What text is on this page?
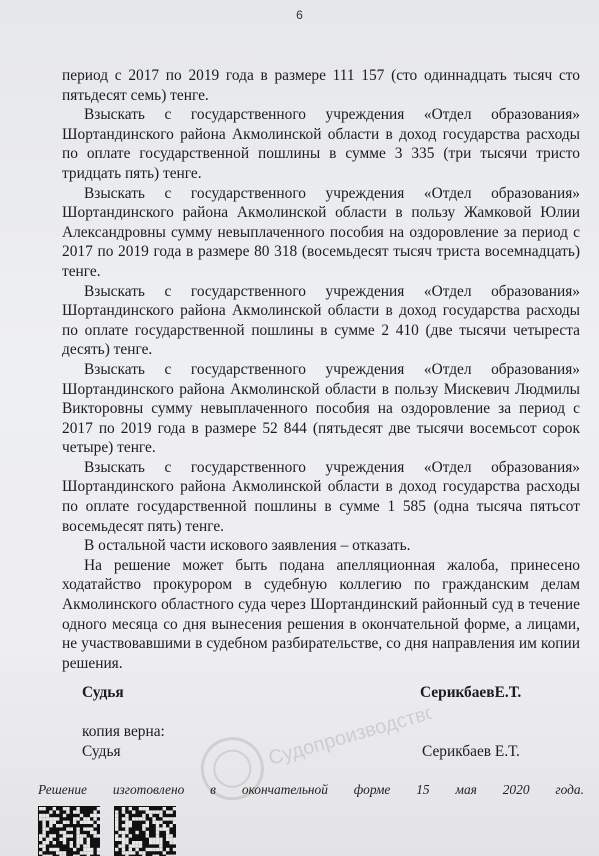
6

период с 2017 по 2019 года в размере 111 157 (сто одиннадцать тысяч сто пятьдесят семь) тенге.

Взыскать с государственного учреждения «Отдел образования» Шортандинского района Акмолинской области в доход государства расходы по оплате государственной пошлины в сумме 3 335 (три тысячи тристо тридцать пять) тенге.

Взыскать с государственного учреждения «Отдел образования» Шортандинского района Акмолинской области в пользу Жамковой Юлии Александровны сумму невыплаченного пособия на оздоровление за период с 2017 по 2019 года в размере 80 318 (восемьдесят тысяч триста восемнадцать) тенге.

Взыскать с государственного учреждения «Отдел образования» Шортандинского района Акмолинской области в доход государства расходы по оплате государственной пошлины в сумме 2 410 (две тысячи четыреста десять) тенге.

Взыскать с государственного учреждения «Отдел образования» Шортандинского района Акмолинской области в пользу Мискевич Людмилы Викторовны сумму невыплаченного пособия на оздоровление за период с 2017 по 2019 года в размере 52 844 (пятьдесят две тысячи восемьсот сорок четыре) тенге.

Взыскать с государственного учреждения «Отдел образования» Шортандинского района Акмолинской области в доход государства расходы по оплате государственной пошлины в сумме 1 585 (одна тысяча пятьсот восемьдесят пять) тенге.

В остальной части искового заявления – отказать.

На решение может быть подана апелляционная жалоба, принесено ходатайство прокурором в судебную коллегию по гражданским делам Акмолинского областного суда через Шортандинский районный суд в течение одного месяца со дня вынесения решения в окончательной форме, а лицами, не участвовавшими в судебном разбирательстве, со дня направления им копии решения.

Судопроизводство
Судья	СерикбаевЕ.Т.
копия верна:
Судья	Серикбаев Е.Т.
Решение изготовлено в окончательной форме 15 мая 2020 года.
